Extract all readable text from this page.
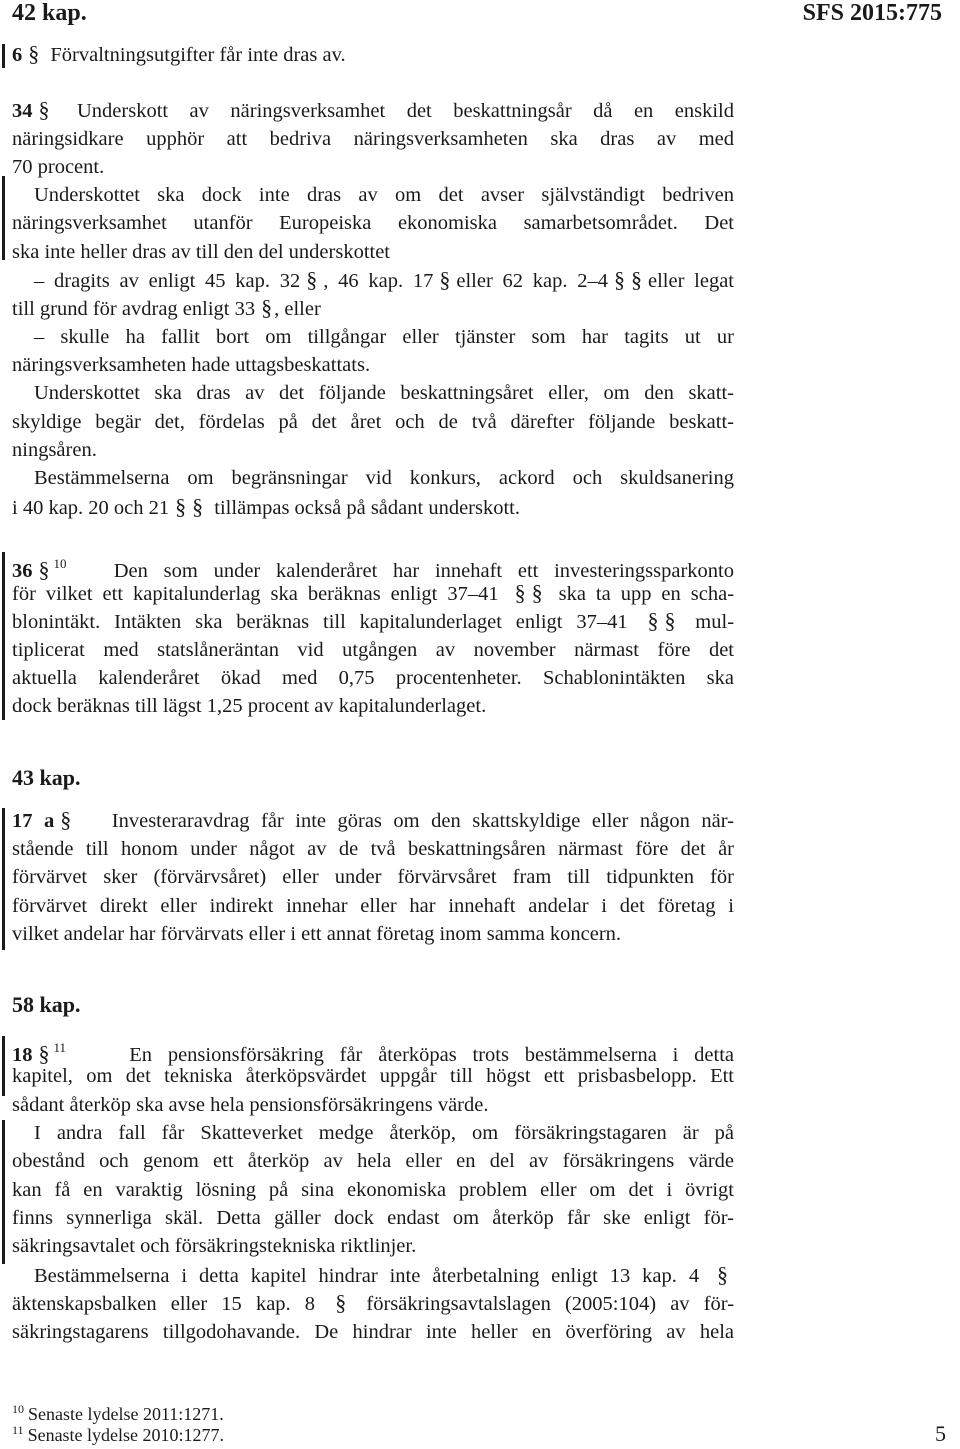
42 kap.	SFS 2015:775
6 § Förvaltningsutgifter får inte dras av.
34 § Underskott av näringsverksamhet det beskattningsår då en enskild
näringsidkare upphör att bedriva näringsverksamheten ska dras av med
70 procent.
Underskottet ska dock inte dras av om det avser självständigt bedriven
näringsverksamhet utanför Europeiska ekonomiska samarbetsområdet. Det
ska inte heller dras av till den del underskottet
– dragits av enligt 45 kap. 32 § , 46 kap. 17 § eller 62 kap. 2–4 § § eller legat
till grund för avdrag enligt 33 §, eller
– skulle ha fallit bort om tillgångar eller tjänster som har tagits ut ur
näringsverksamheten hade uttagsbeskattats.
Underskottet ska dras av det följande beskattningsåret eller, om den skatt-
skyldige begär det, fördelas på det året och de två därefter följande beskatt-
ningsåren.
Bestämmelserna om begränsningar vid konkurs, ackord och skuldsanering
i 40 kap. 20 och 21 § § tillämpas också på sådant underskott.
36 § $^{10}$ Den som under kalenderåret har innehaft ett investeringssparkonto
för vilket ett kapitalunderlag ska beräknas enligt 37–41 § § ska ta upp en scha-
blonintäkt. Intäkten ska beräknas till kapitalunderlaget enligt 37–41 § § mul-
tiplicerat med statslåneräntan vid utgången av november närmast före det
aktuella kalenderåret ökad med 0,75 procentenheter. Schablonintäkten ska
dock beräknas till lägst 1,25 procent av kapitalunderlaget.
43 kap.
17 a § Investeraravdrag får inte göras om den skattskyldige eller någon när-
stående till honom under något av de två beskattningsåren närmast före det år
förvärvet sker (förvärvsåret) eller under förvärvsåret fram till tidpunkten för
förvärvet direkt eller indirekt innehar eller har innehaft andelar i det företag i
vilket andelar har förvärvats eller i ett annat företag inom samma koncern.
58 kap.
18 § $^{11}$	En pensionsförsäkring får återköpas trots bestämmelserna i detta
kapitel, om det tekniska återköpsvärdet uppgår till högst ett prisbasbelopp. Ett
sådant återköp ska avse hela pensionsförsäkringens värde.
I andra fall får Skatteverket medge återköp, om försäkringstagaren är på
obestånd och genom ett återköp av hela eller en del av försäkringens värde
kan få en varaktig lösning på sina ekonomiska problem eller om det i övrigt
finns synnerliga skäl. Detta gäller dock endast om återköp får ske enligt för-
säkringsavtalet och försäkringstekniska riktlinjer.
Bestämmelserna i detta kapitel hindrar inte återbetalning enligt 13 kap. 4 §
äktenskapsbalken eller 15 kap. 8 § försäkringsavtalslagen (2005:104) av för-
säkringstagarens tillgodohavande. De hindrar inte heller en överföring av hela
$^{10}$ Senaste lydelse 2011:1271.
$^{11}$ Senaste lydelse 2010:1277.	5
